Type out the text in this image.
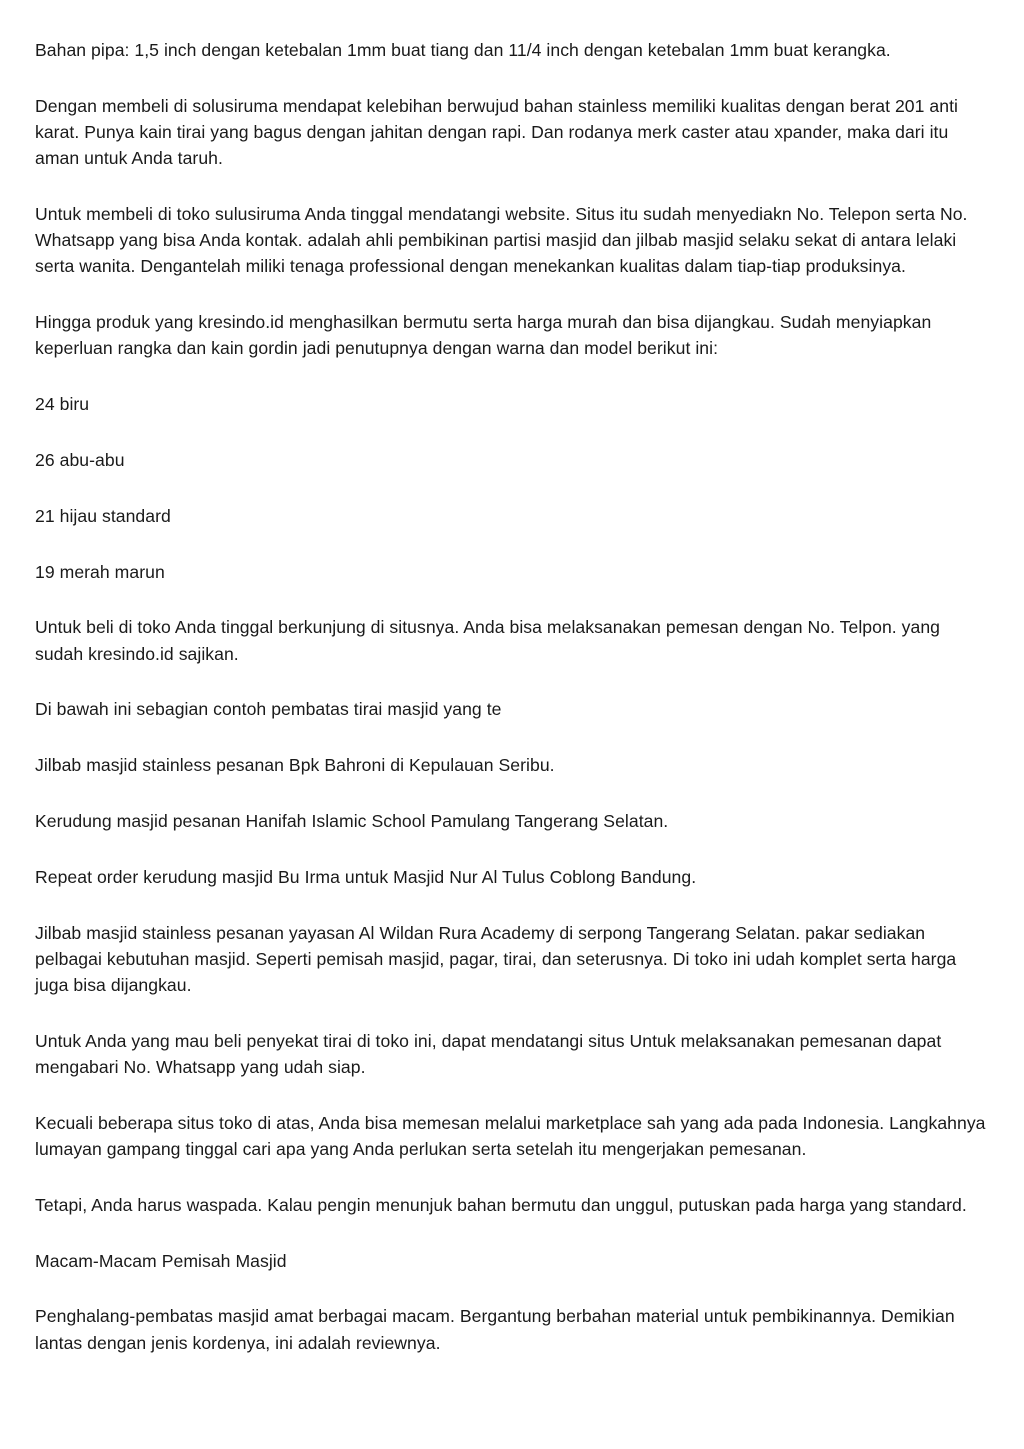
Bahan pipa: 1,5 inch dengan ketebalan 1mm buat tiang dan 11/4 inch dengan ketebalan 1mm buat kerangka.

Dengan membeli di solusiruma mendapat kelebihan berwujud bahan stainless memiliki kualitas dengan berat 201 anti karat. Punya kain tirai yang bagus dengan jahitan dengan rapi. Dan rodanya merk caster atau xpander, maka dari itu aman untuk Anda taruh.

Untuk membeli di toko sulusiruma Anda tinggal mendatangi website. Situs itu sudah menyediakn No. Telepon serta No. Whatsapp yang bisa Anda kontak. adalah ahli pembikinan partisi masjid dan jilbab masjid selaku sekat di antara lelaki serta wanita. Dengantelah miliki tenaga professional dengan menekankan kualitas dalam tiap-tiap produksinya.

Hingga produk yang kresindo.id menghasilkan bermutu serta harga murah dan bisa dijangkau. Sudah menyiapkan keperluan rangka dan kain gordin jadi penutupnya dengan warna dan model berikut ini:

24 biru

26 abu-abu

21 hijau standard

19 merah marun

Untuk beli di toko Anda tinggal berkunjung di situsnya. Anda bisa melaksanakan pemesan dengan No. Telpon. yang sudah kresindo.id sajikan.

Di bawah ini sebagian contoh pembatas tirai masjid yang te

Jilbab masjid stainless pesanan Bpk Bahroni di Kepulauan Seribu.

Kerudung masjid pesanan Hanifah Islamic School Pamulang Tangerang Selatan.

Repeat order kerudung masjid Bu Irma untuk Masjid Nur Al Tulus Coblong Bandung.

Jilbab masjid stainless pesanan yayasan Al Wildan Rura Academy di serpong Tangerang Selatan. pakar sediakan pelbagai kebutuhan masjid. Seperti pemisah masjid, pagar, tirai, dan seterusnya. Di toko ini udah komplet serta harga juga bisa dijangkau.

Untuk Anda yang mau beli penyekat tirai di toko ini, dapat mendatangi situs Untuk melaksanakan pemesanan dapat mengabari No. Whatsapp yang udah siap.

Kecuali beberapa situs toko di atas, Anda bisa memesan melalui marketplace sah yang ada pada Indonesia. Langkahnya lumayan gampang tinggal cari apa yang Anda perlukan serta setelah itu mengerjakan pemesanan.

Tetapi, Anda harus waspada. Kalau pengin menunjuk bahan bermutu dan unggul, putuskan pada harga yang standard.

Macam-Macam Pemisah Masjid

Penghalang-pembatas masjid amat berbagai macam. Bergantung berbahan material untuk pembikinannya. Demikian lantas dengan jenis kordenya, ini adalah reviewnya.
